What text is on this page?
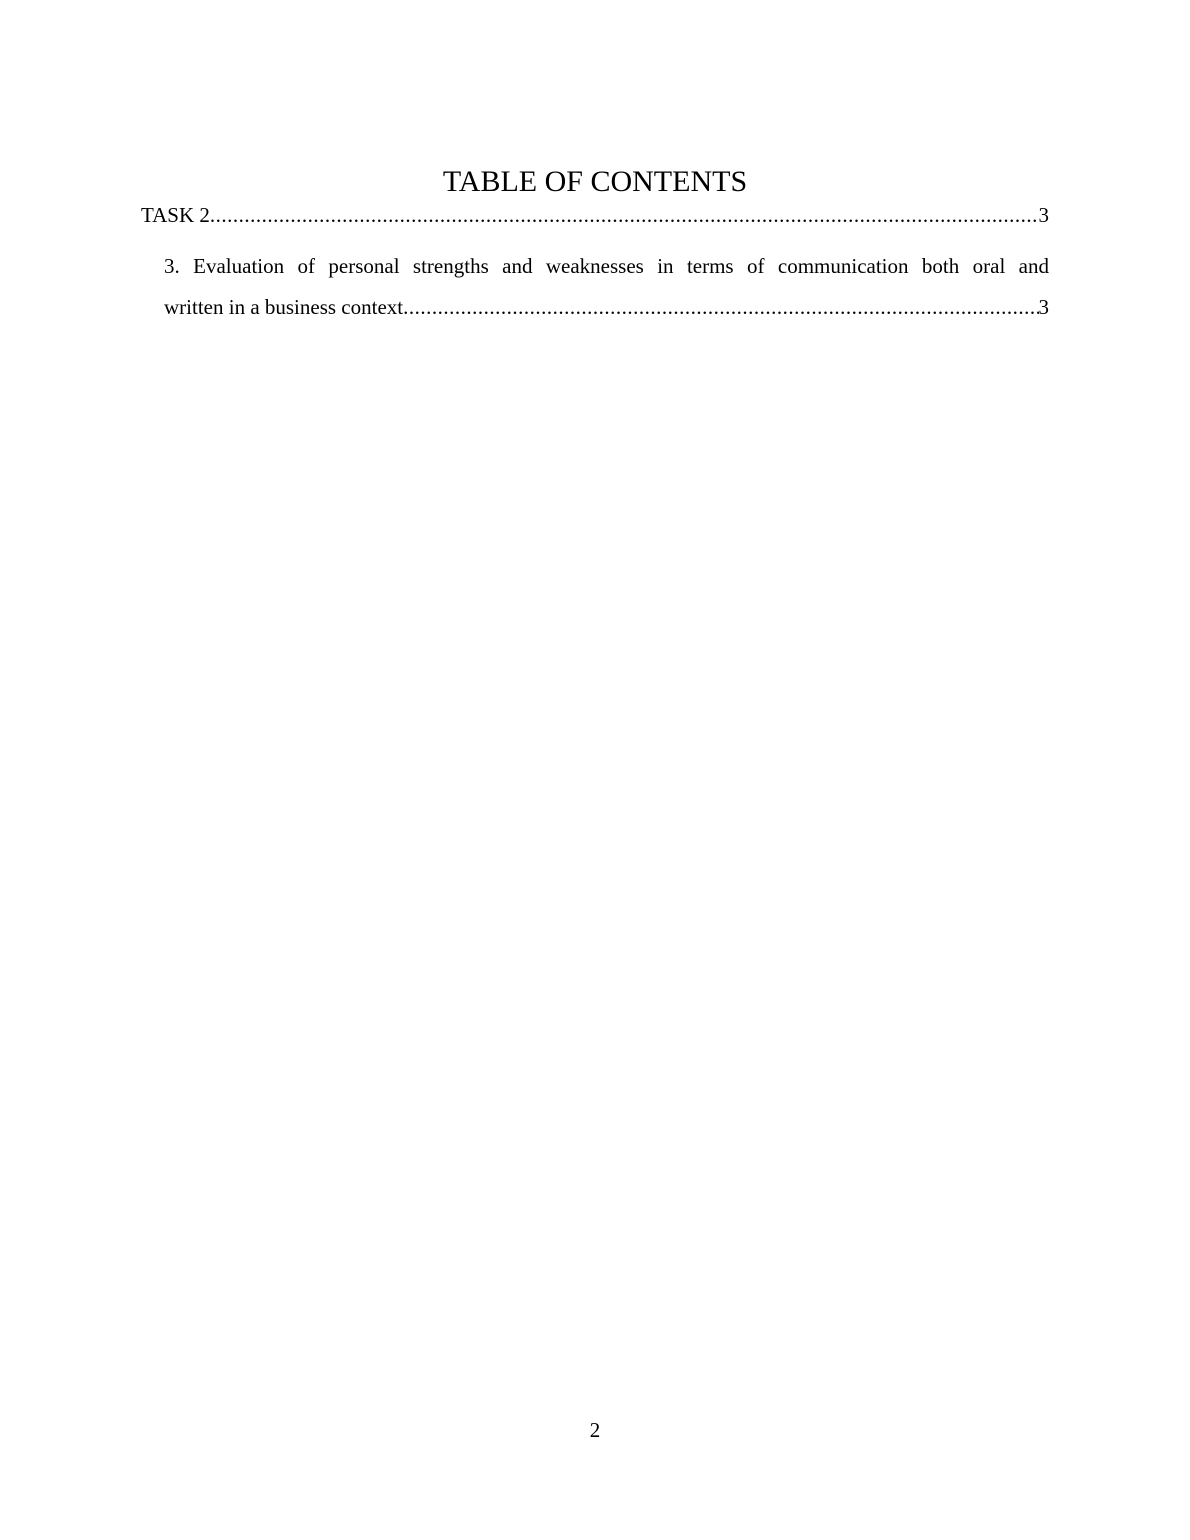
TABLE OF CONTENTS
TASK 2 .....	3
3. Evaluation of personal strengths and weaknesses in terms of communication both oral and
written in a business context .....	3
2
